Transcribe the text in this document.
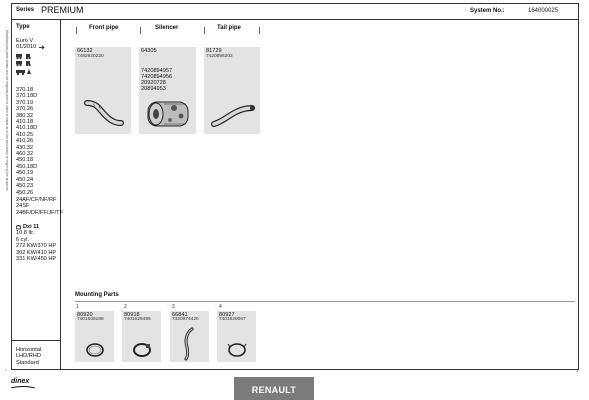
Series PREMIUM	System No.:	164000025
Manufactured parts shown are not originals and no claim is made as to the exclusivity or origin of the products
Type
Euro V
01/2010
370.18
370.18D
370.19
370.26
380.32
410.18
410.18D
410.25
410.26
430.32
460.32
450.18
450.18D
450.19
450.24
450.23
450.26
24AF/CF/NF/RF
24SF
24BF/DF/FF/JF/TF
Dxi 11
10.8 ltr.
6 cyl.
272 KW/370 HP
302 KW/410 HP
331 KW/450 HP
Horizontal
LHD/RHD
Standard
Front pipe	Silencer	Tail pipe
66132
7482920220
64305
7420894957
7420894956
20920728
20894953
81729
7420896202
Mounting Parts
1
80920
7401608168
2
80918
7401629499
3
66841
7420974420
4
80927
7401629067
dinex
RENAULT
1	1
